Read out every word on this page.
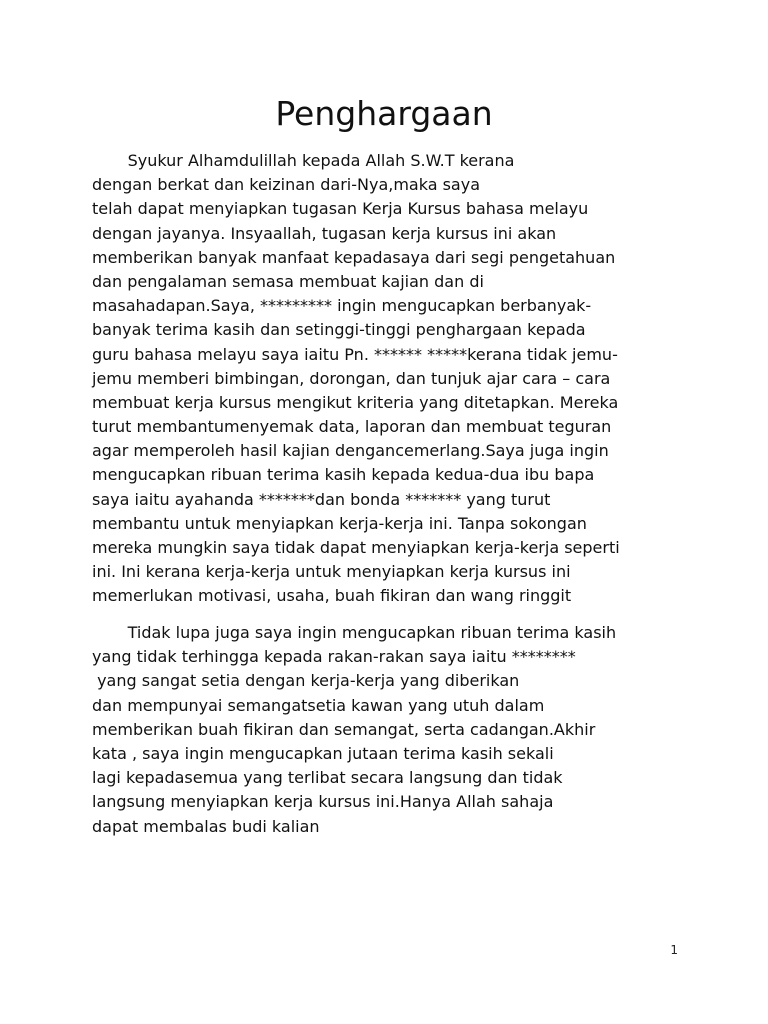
Penghargaan
Syukur Alhamdulillah kepada Allah S.W.T kerana
dengan berkat dan keizinan dari-Nya,maka saya
telah dapat menyiapkan tugasan Kerja Kursus bahasa melayu
dengan jayanya. Insyaallah, tugasan kerja kursus ini akan
memberikan banyak manfaat kepadasaya dari segi pengetahuan
dan pengalaman semasa membuat kajian dan di
masahadapan.Saya, ********* ingin mengucapkan berbanyak-
banyak terima kasih dan setinggi-tinggi penghargaan kepada
guru bahasa melayu saya iaitu Pn. ****** *****kerana tidak jemu-
jemu memberi bimbingan, dorongan, dan tunjuk ajar cara – cara
membuat kerja kursus mengikut kriteria yang ditetapkan. Mereka
turut membantumenyemak data, laporan dan membuat teguran
agar memperoleh hasil kajian dengancemerlang.Saya juga ingin
mengucapkan ribuan terima kasih kepada kedua-dua ibu bapa
saya iaitu ayahanda *******dan bonda ******* yang turut
membantu untuk menyiapkan kerja-kerja ini. Tanpa sokongan
mereka mungkin saya tidak dapat menyiapkan kerja-kerja seperti
ini. Ini kerana kerja-kerja untuk menyiapkan kerja kursus ini
memerlukan motivasi, usaha, buah fikiran dan wang ringgit
Tidak lupa juga saya ingin mengucapkan ribuan terima kasih
yang tidak terhingga kepada rakan-rakan saya iaitu ********
yang sangat setia dengan kerja-kerja yang diberikan
dan mempunyai semangatsetia kawan yang utuh dalam
memberikan buah fikiran dan semangat, serta cadangan.Akhir
kata , saya ingin mengucapkan jutaan terima kasih sekali
lagi kepadasemua yang terlibat secara langsung dan tidak
langsung menyiapkan kerja kursus ini.Hanya Allah sahaja
dapat membalas budi kalian
1
